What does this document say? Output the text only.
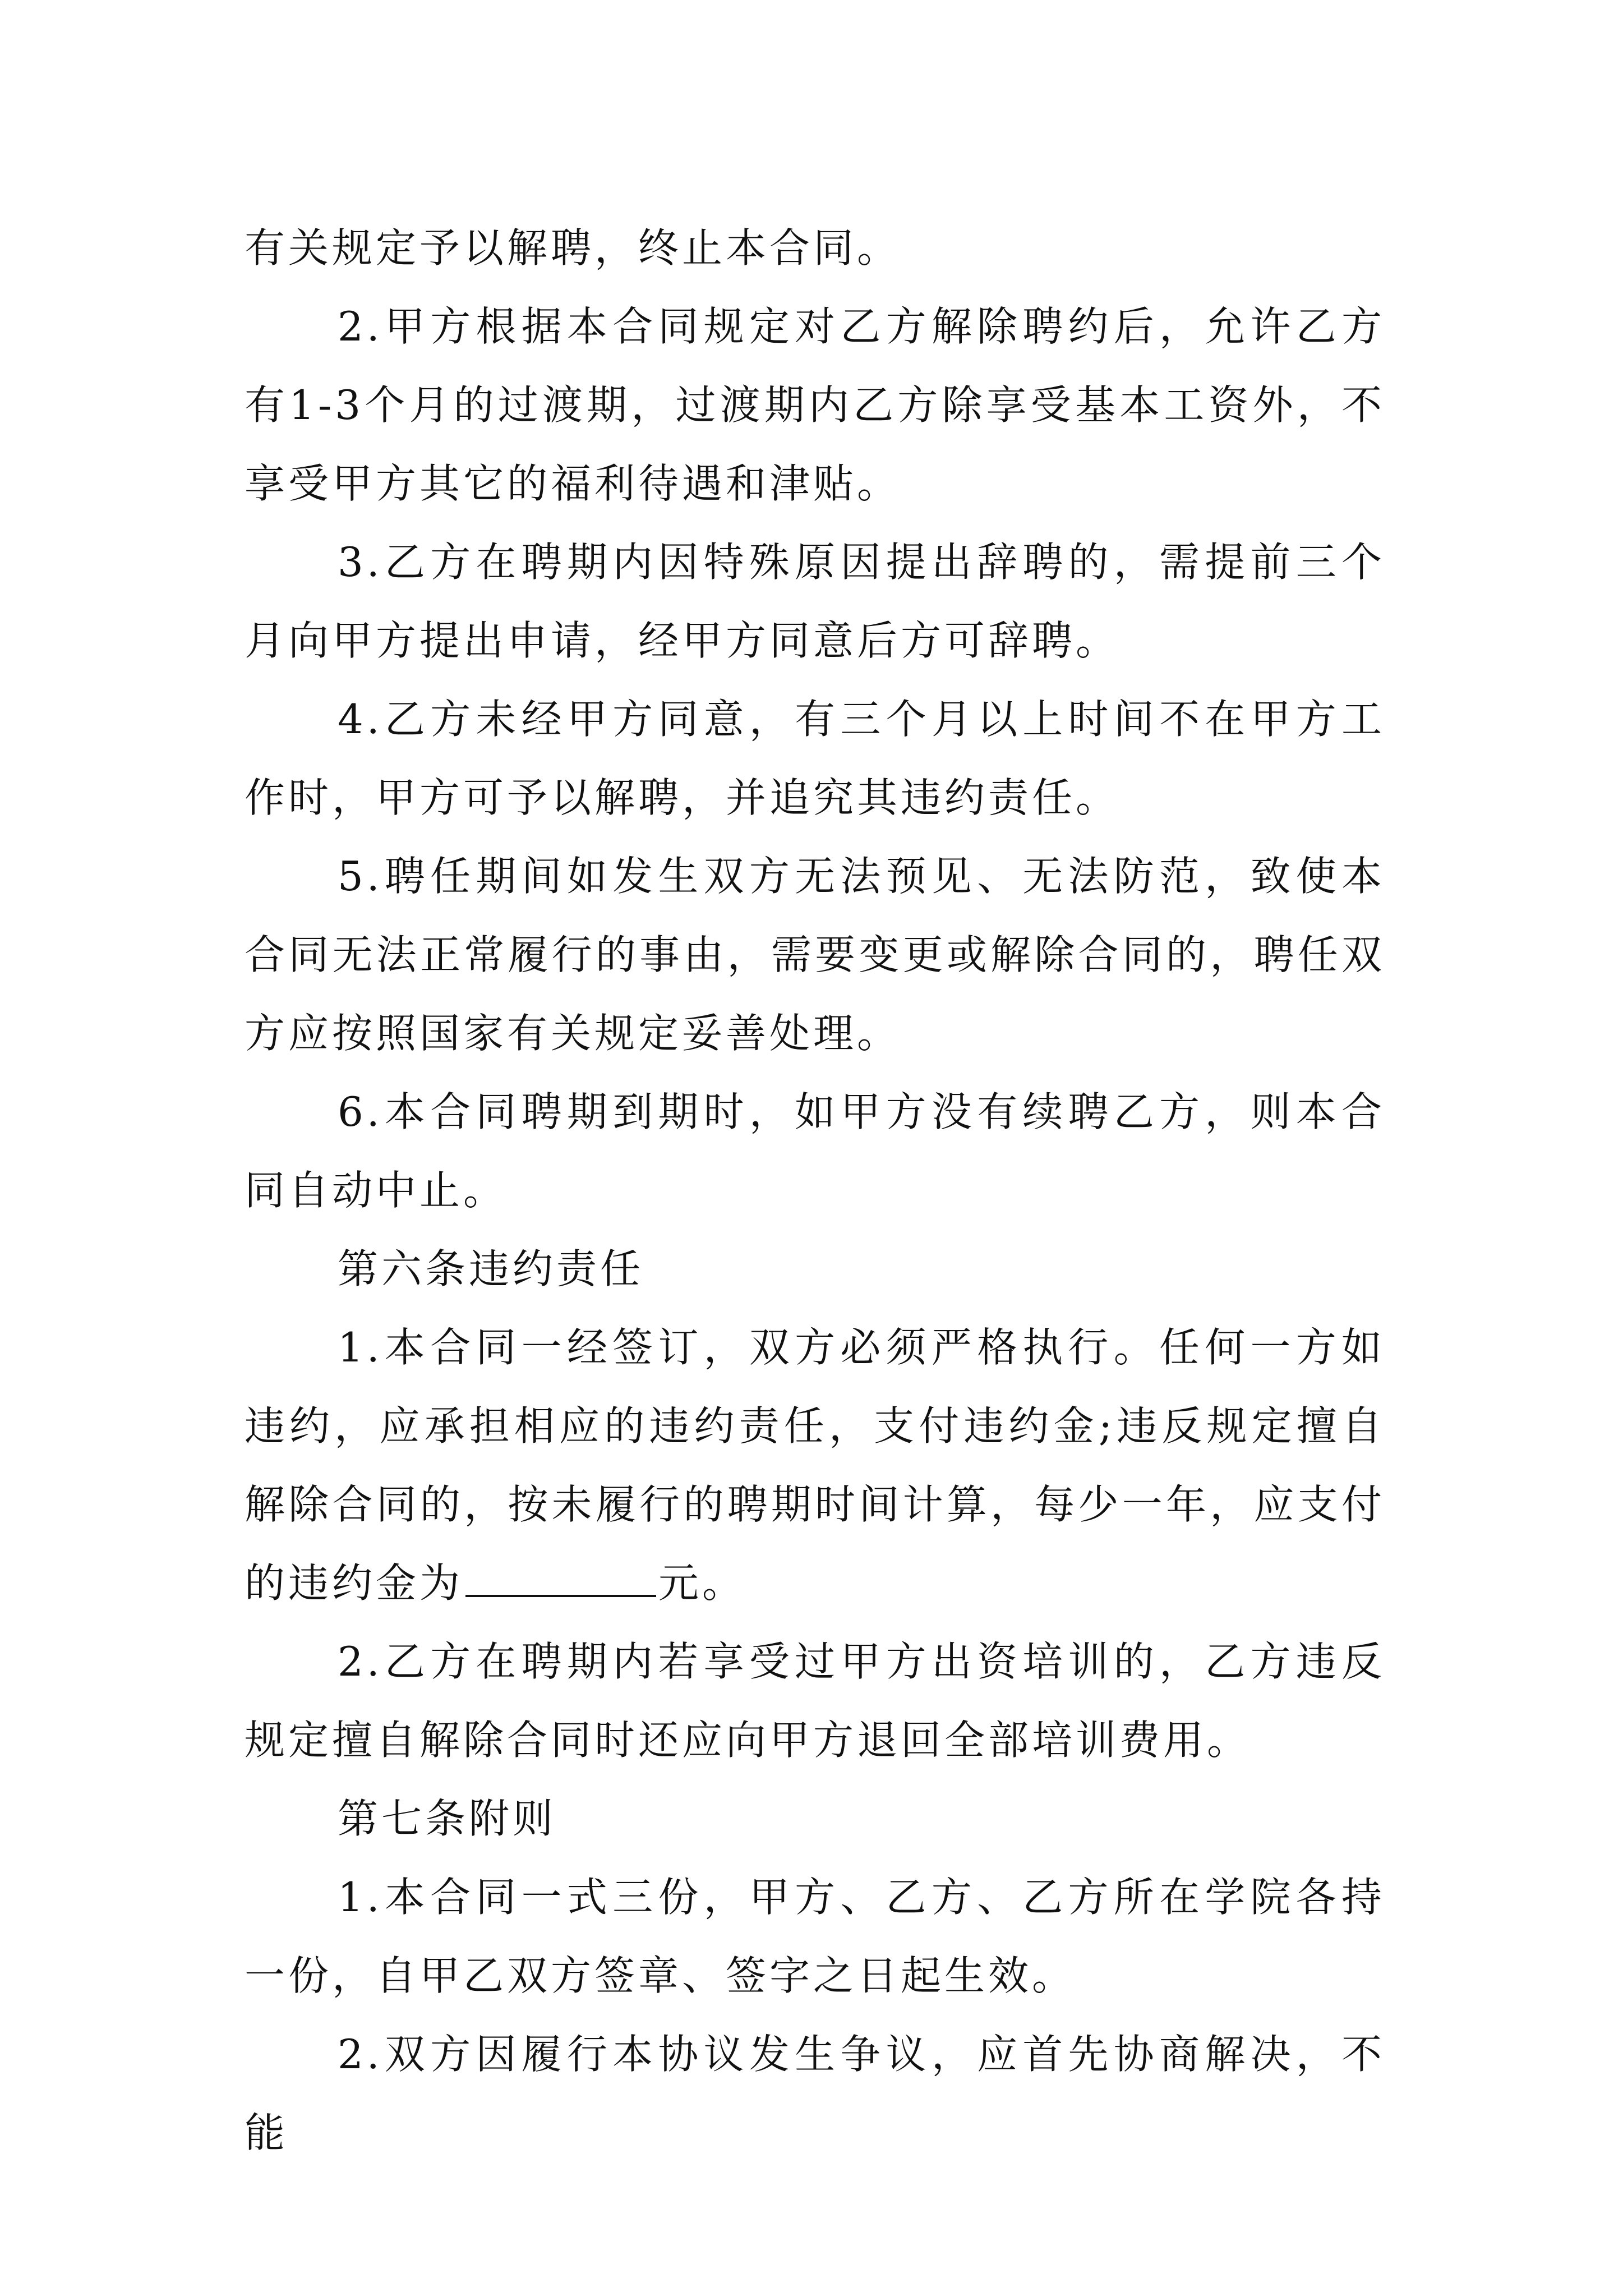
有关规定予以解聘，终止本合同。

2.甲方根据本合同规定对乙方解除聘约后，允许乙方有1-3个月的过渡期，过渡期内乙方除享受基本工资外，不享受甲方其它的福利待遇和津贴。

3.乙方在聘期内因特殊原因提出辞聘的，需提前三个月向甲方提出申请，经甲方同意后方可辞聘。

4.乙方未经甲方同意，有三个月以上时间不在甲方工作时，甲方可予以解聘，并追究其违约责任。

5.聘任期间如发生双方无法预见、无法防范，致使本合同无法正常履行的事由，需要变更或解除合同的，聘任双方应按照国家有关规定妥善处理。

6.本合同聘期到期时，如甲方没有续聘乙方，则本合同自动中止。

第六条违约责任

1.本合同一经签订，双方必须严格执行。任何一方如违约，应承担相应的违约责任，支付违约金;违反规定擅自解除合同的，按未履行的聘期时间计算，每少一年，应支付的违约金为	元。

2.乙方在聘期内若享受过甲方出资培训的，乙方违反规定擅自解除合同时还应向甲方退回全部培训费用。

第七条附则

1.本合同一式三份，甲方、乙方、乙方所在学院各持一份，自甲乙双方签章、签字之日起生效。

2.双方因履行本协议发生争议，应首先协商解决，不能
